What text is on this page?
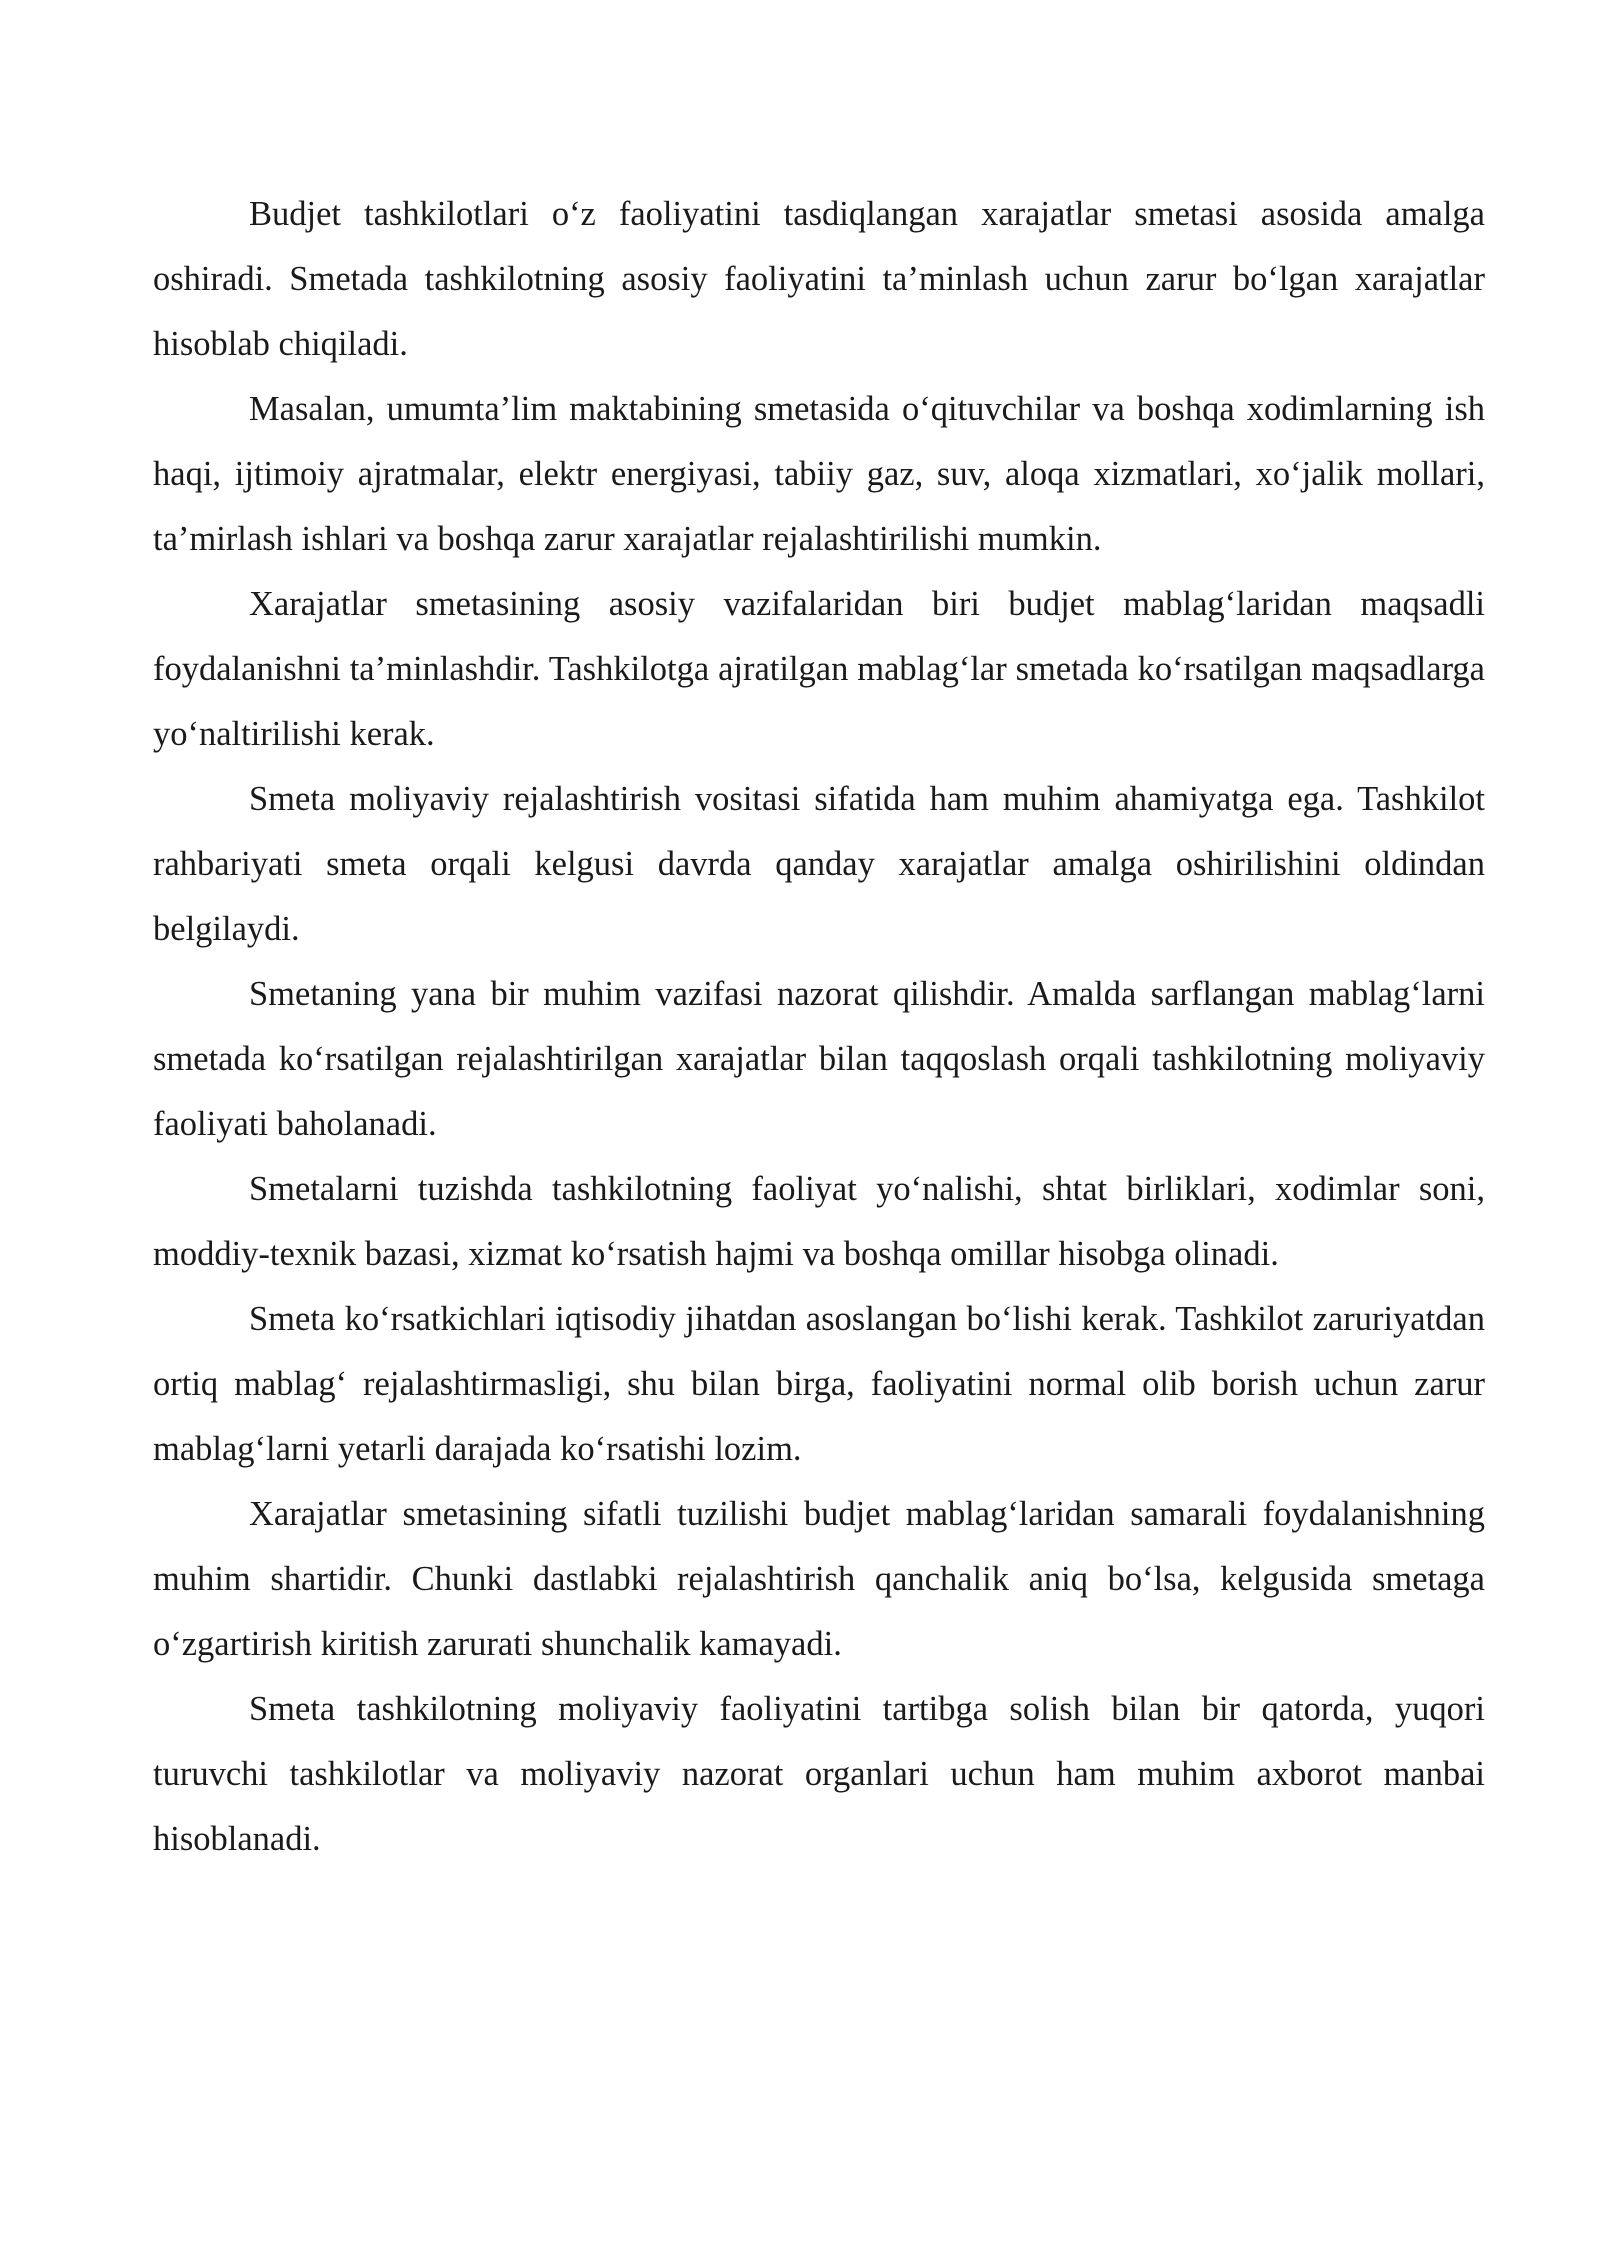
Budjet tashkilotlari o‘z faoliyatini tasdiqlangan xarajatlar smetasi asosida amalga oshiradi. Smetada tashkilotning asosiy faoliyatini ta’minlash uchun zarur bo‘lgan xarajatlar hisoblab chiqiladi.

Masalan, umumta’lim maktabining smetasida o‘qituvchilar va boshqa xodimlarning ish haqi, ijtimoiy ajratmalar, elektr energiyasi, tabiiy gaz, suv, aloqa xizmatlari, xo‘jalik mollari, ta’mirlash ishlari va boshqa zarur xarajatlar rejalashtirilishi mumkin.

Xarajatlar smetasining asosiy vazifalaridan biri budjet mablag‘laridan maqsadli foydalanishni ta’minlashdir. Tashkilotga ajratilgan mablag‘lar smetada ko‘rsatilgan maqsadlarga yo‘naltirilishi kerak.

Smeta moliyaviy rejalashtirish vositasi sifatida ham muhim ahamiyatga ega. Tashkilot rahbariyati smeta orqali kelgusi davrda qanday xarajatlar amalga oshirilishini oldindan belgilaydi.

Smetaning yana bir muhim vazifasi nazorat qilishdir. Amalda sarflangan mablag‘larni smetada ko‘rsatilgan rejalashtirilgan xarajatlar bilan taqqoslash orqali tashkilotning moliyaviy faoliyati baholanadi.

Smetalarni tuzishda tashkilotning faoliyat yo‘nalishi, shtat birliklari, xodimlar soni, moddiy-texnik bazasi, xizmat ko‘rsatish hajmi va boshqa omillar hisobga olinadi.

Smeta ko‘rsatkichlari iqtisodiy jihatdan asoslangan bo‘lishi kerak. Tashkilot zaruriyatdan ortiq mablag‘ rejalashtirmasligi, shu bilan birga, faoliyatini normal olib borish uchun zarur mablag‘larni yetarli darajada ko‘rsatishi lozim.

Xarajatlar smetasining sifatli tuzilishi budjet mablag‘laridan samarali foydalanishning muhim shartidir. Chunki dastlabki rejalashtirish qanchalik aniq bo‘lsa, kelgusida smetaga o‘zgartirish kiritish zarurati shunchalik kamayadi.

Smeta tashkilotning moliyaviy faoliyatini tartibga solish bilan bir qatorda, yuqori turuvchi tashkilotlar va moliyaviy nazorat organlari uchun ham muhim axborot manbai hisoblanadi.
